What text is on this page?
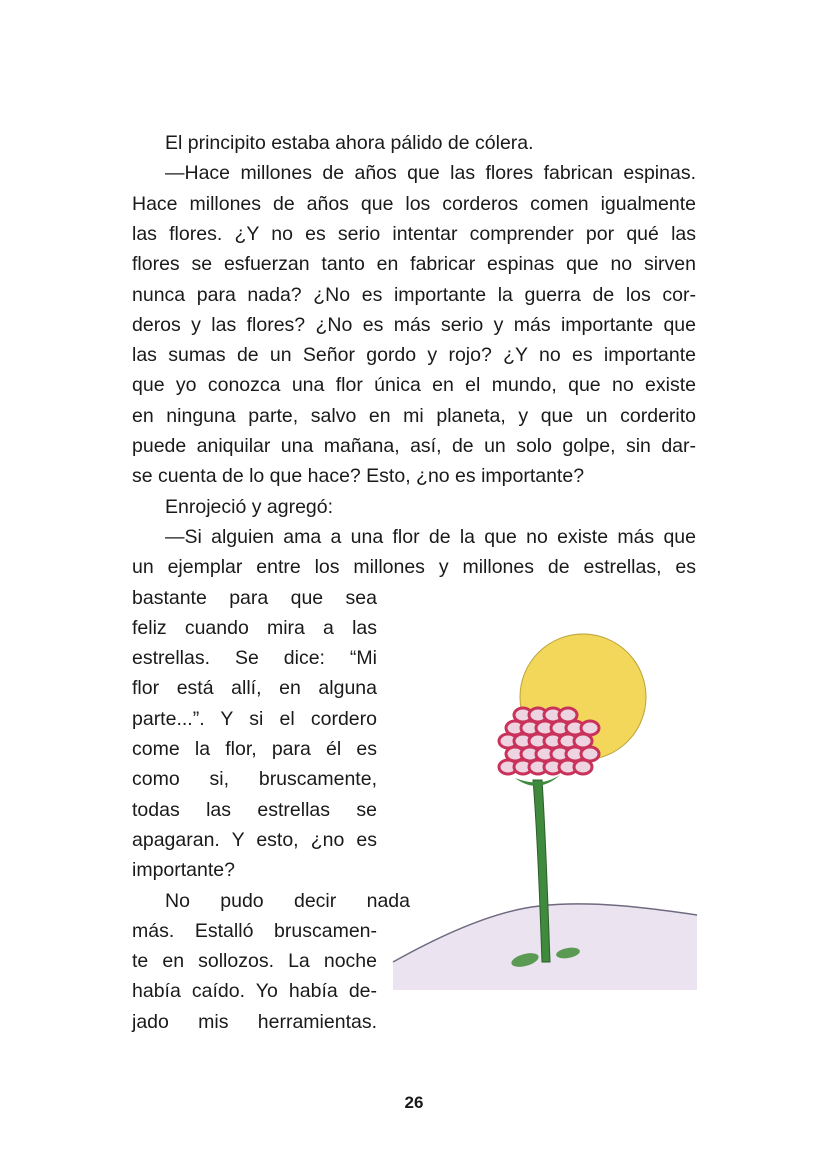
El principito estaba ahora pálido de cólera.
—Hace millones de años que las flores fabrican espinas.
Hace millones de años que los corderos comen igualmente
las flores. ¿Y no es serio intentar comprender por qué las
flores se esfuerzan tanto en fabricar espinas que no sirven
nunca para nada? ¿No es importante la guerra de los cor-
deros y las flores? ¿No es más serio y más importante que
las sumas de un Señor gordo y rojo? ¿Y no es importante
que yo conozca una flor única en el mundo, que no existe
en ninguna parte, salvo en mi planeta, y que un corderito
puede aniquilar una mañana, así, de un solo golpe, sin dar-
se cuenta de lo que hace? Esto, ¿no es importante?
Enrojeció y agregó:
—Si alguien ama a una flor de la que no existe más que
un ejemplar entre los millones y millones de estrellas, es
bastante para que sea
feliz cuando mira a las
estrellas. Se dice: “Mi
flor está allí, en alguna
parte...”. Y si el cordero
come la flor, para él es
como si, bruscamente,
todas las estrellas se
apagaran. Y esto, ¿no es
importante?
No pudo decir nada
más. Estalló bruscamen-
te en sollozos. La noche
había caído. Yo había de-
jado mis herramientas.
26
